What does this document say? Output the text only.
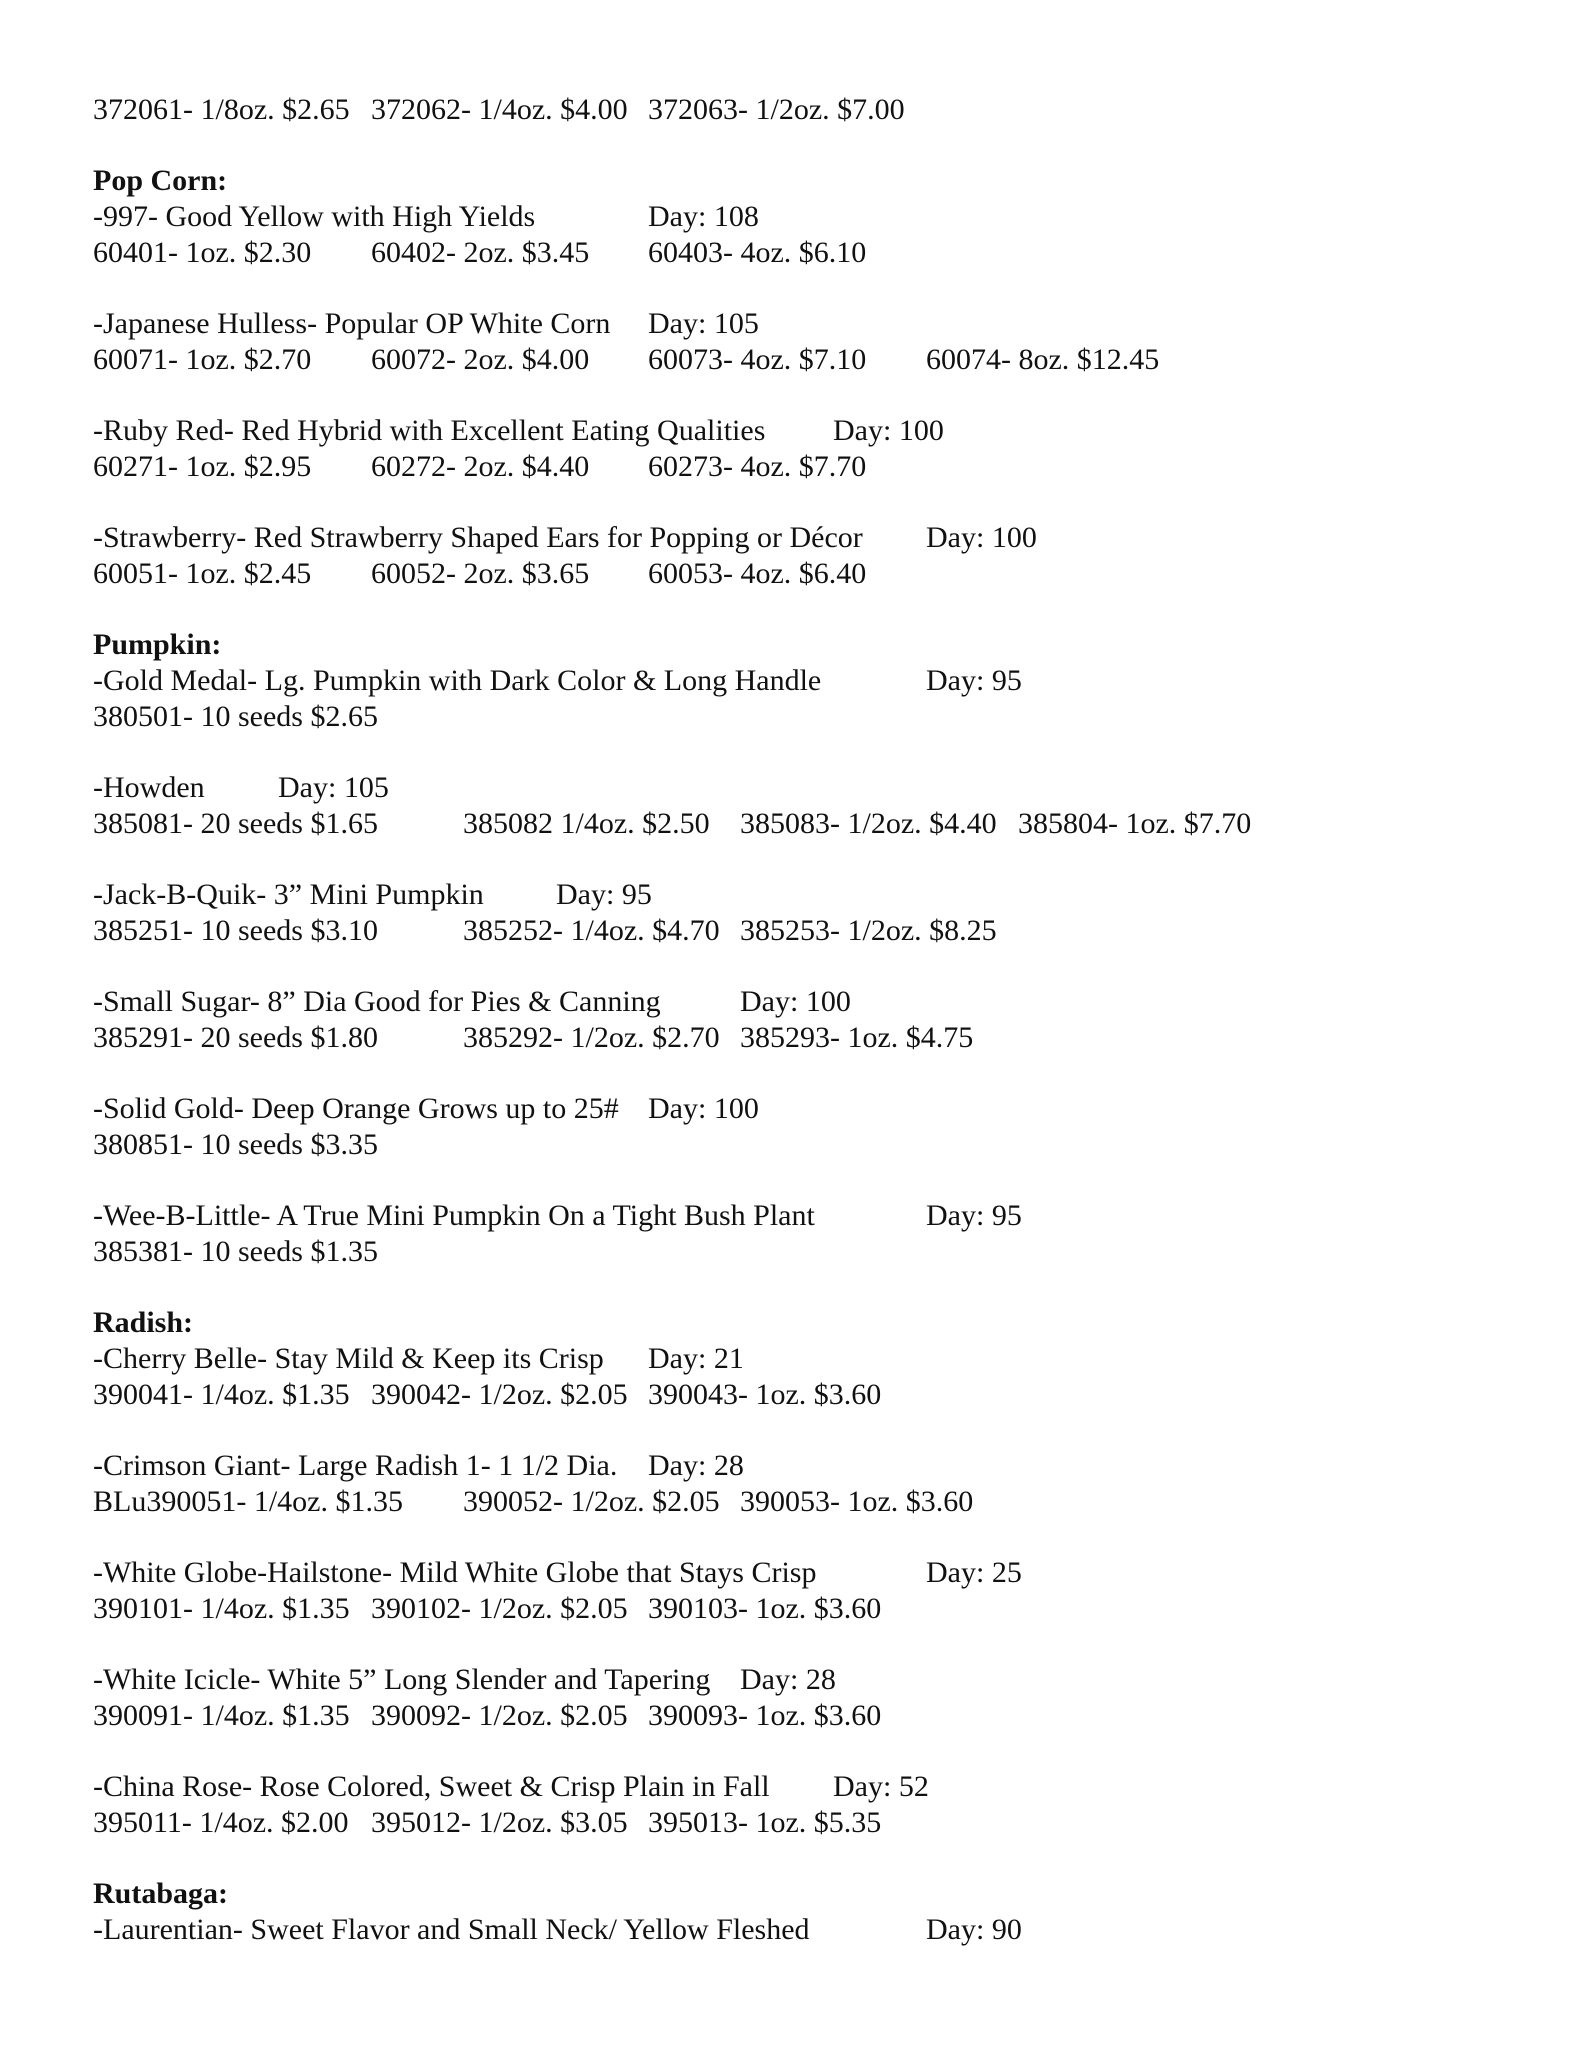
372061- 1/8oz. $2.65 372062- 1/4oz. $4.00 372063- 1/2oz. $7.00
Pop Corn:
-997- Good Yellow with High Yields	Day: 108
60401- 1oz. $2.30 60402- 2oz. $3.45 60403- 4oz. $6.10
-Japanese Hulless- Popular OP White Corn Day: 105
60071- 1oz. $2.70 60072- 2oz. $4.00 60073- 4oz. $7.10 60074- 8oz. $12.45
-Ruby Red- Red Hybrid with Excellent Eating Qualities Day: 100
60271- 1oz. $2.95 60272- 2oz. $4.40 60273- 4oz. $7.70
-Strawberry- Red Strawberry Shaped Ears for Popping or Décor Day: 100
60051- 1oz. $2.45 60052- 2oz. $3.65 60053- 4oz. $6.40
Pumpkin:
-Gold Medal- Lg. Pumpkin with Dark Color & Long Handle	Day: 95
380501- 10 seeds $2.65
-Howden Day: 105
385081- 20 seeds $1.65	385082 1/4oz. $2.50 385083- 1/2oz. $4.40 385804- 1oz. $7.70
-Jack-B-Quik- 3” Mini Pumpkin Day: 95
385251- 10 seeds $3.10	385252- 1/4oz. $4.70 385253- 1/2oz. $8.25
-Small Sugar- 8” Dia Good for Pies & Canning	Day: 100
385291- 20 seeds $1.80	385292- 1/2oz. $2.70 385293- 1oz. $4.75
-Solid Gold- Deep Orange Grows up to 25# Day: 100
380851- 10 seeds $3.35
-Wee-B-Little- A True Mini Pumpkin On a Tight Bush Plant	Day: 95
385381- 10 seeds $1.35
Radish:
-Cherry Belle- Stay Mild & Keep its Crisp Day: 21
390041- 1/4oz. $1.35 390042- 1/2oz. $2.05 390043- 1oz. $3.60
-Crimson Giant- Large Radish 1- 1 1/2 Dia. Day: 28
BLu390051- 1/4oz. $1.35 390052- 1/2oz. $2.05 390053- 1oz. $3.60
-White Globe-Hailstone- Mild White Globe that Stays Crisp	Day: 25
390101- 1/4oz. $1.35 390102- 1/2oz. $2.05 390103- 1oz. $3.60
-White Icicle- White 5” Long Slender and Tapering Day: 28
390091- 1/4oz. $1.35 390092- 1/2oz. $2.05 390093- 1oz. $3.60
-China Rose- Rose Colored, Sweet & Crisp Plain in Fall Day: 52
395011- 1/4oz. $2.00 395012- 1/2oz. $3.05 395013- 1oz. $5.35
Rutabaga:
-Laurentian- Sweet Flavor and Small Neck/ Yellow Fleshed	Day: 90
